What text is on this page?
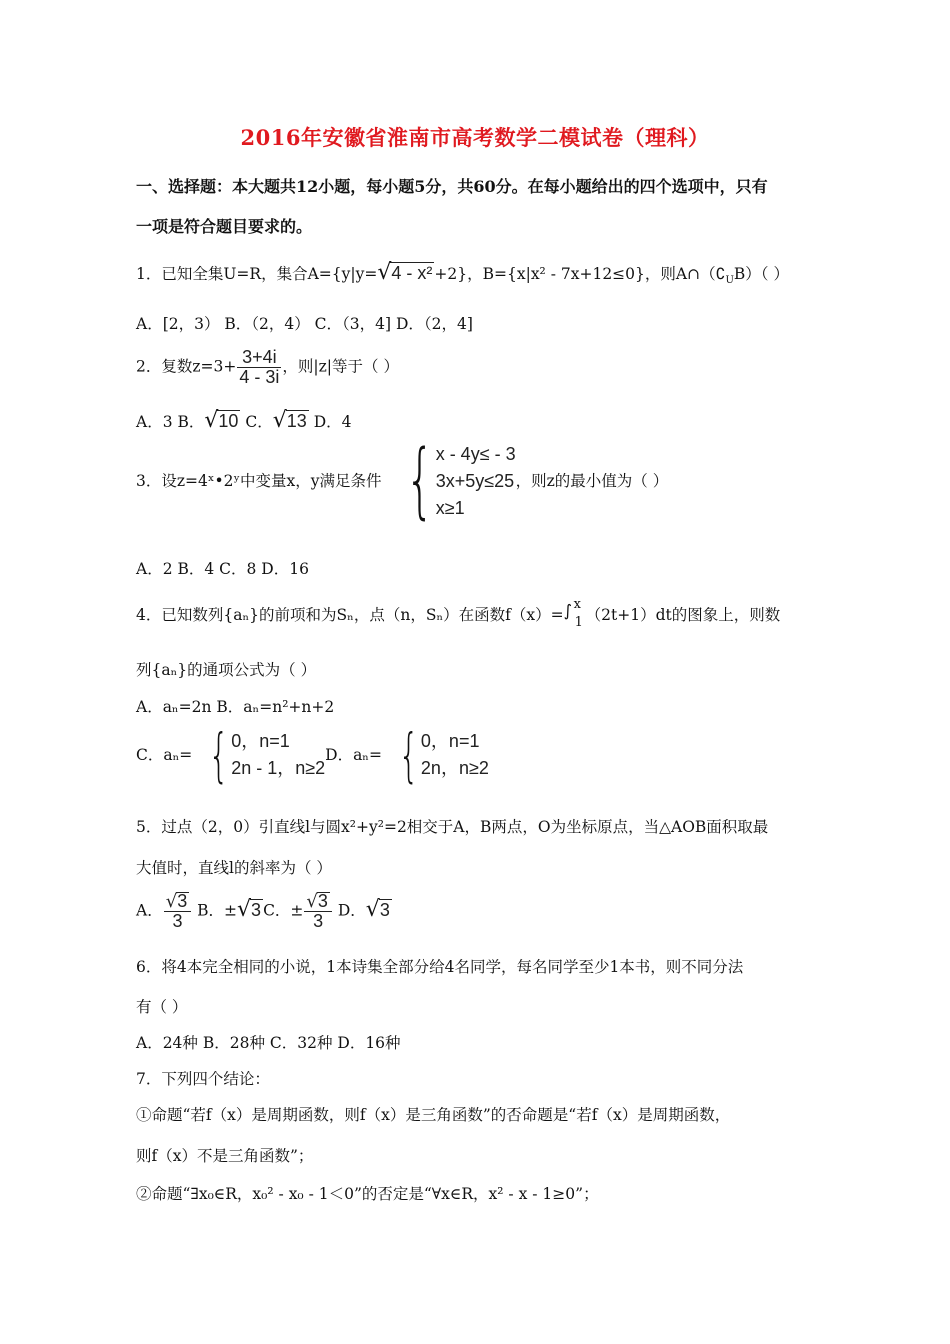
2016年安徽省淮南市高考数学二模试卷（理科）
一、选择题：本大题共12小题，每小题5分，共60分。在每小题给出的四个选项中，只有
一项是符合题目要求的。
1．已知全集U=R，集合A={y|y=√4 - x² +2}，B={x|x² - 7x+12≤0}，则$A\cap(∁_UB)$（ ）
A．[2，3） B．（2，4） C．（3，4] D．（2，4]
2．复数$z=3+ \frac{3+4i}{4 - 3i}$ ，则|z|等于（ ）
A．3 B．√10 C．√13 D．4
3．设z=4ˣ•2ʸ中变量x，y满足条件 { x - 4y≤ - 3
3x+5y≤25
x≥1
，则z的最小值为（ ）
A．2 B．4 C．8 D．16
4．已知数列{aₙ}的前项和为Sₙ，点（n，Sₙ）在函数f（x）= ∫ x
1 （2t+1）dt的图象上，则数
列{aₙ}的通项公式为（ ）
A．aₙ=2n B．aₙ=n²+n+2
C．aₙ= { 0，n=1
2n - 1，n≥2
D．aₙ= { 0，n=1
2n，n≥2
5．过点（2，0）引直线l与圆x²+y²=2相交于A，B两点，O为坐标原点，当△AOB面积取最
大值时，直线l的斜率为（ ）
A． $\frac{√3}{3}$ B．±√3 C．± $\frac{√3}{3}$ D．√3
6．将4本完全相同的小说，1本诗集全部分给4名同学，每名同学至少1本书，则不同分法
有（ ）
A．24种 B．28种 C．32种 D．16种
7．下列四个结论：
①命题“若f（x）是周期函数，则f（x）是三角函数”的否命题是“若f（x）是周期函数，
则f（x）不是三角函数”；
②命题“∃x₀∈R，x₀² - x₀ - 1＜0”的否定是“∀x∈R，x² - x - 1≥0”；
